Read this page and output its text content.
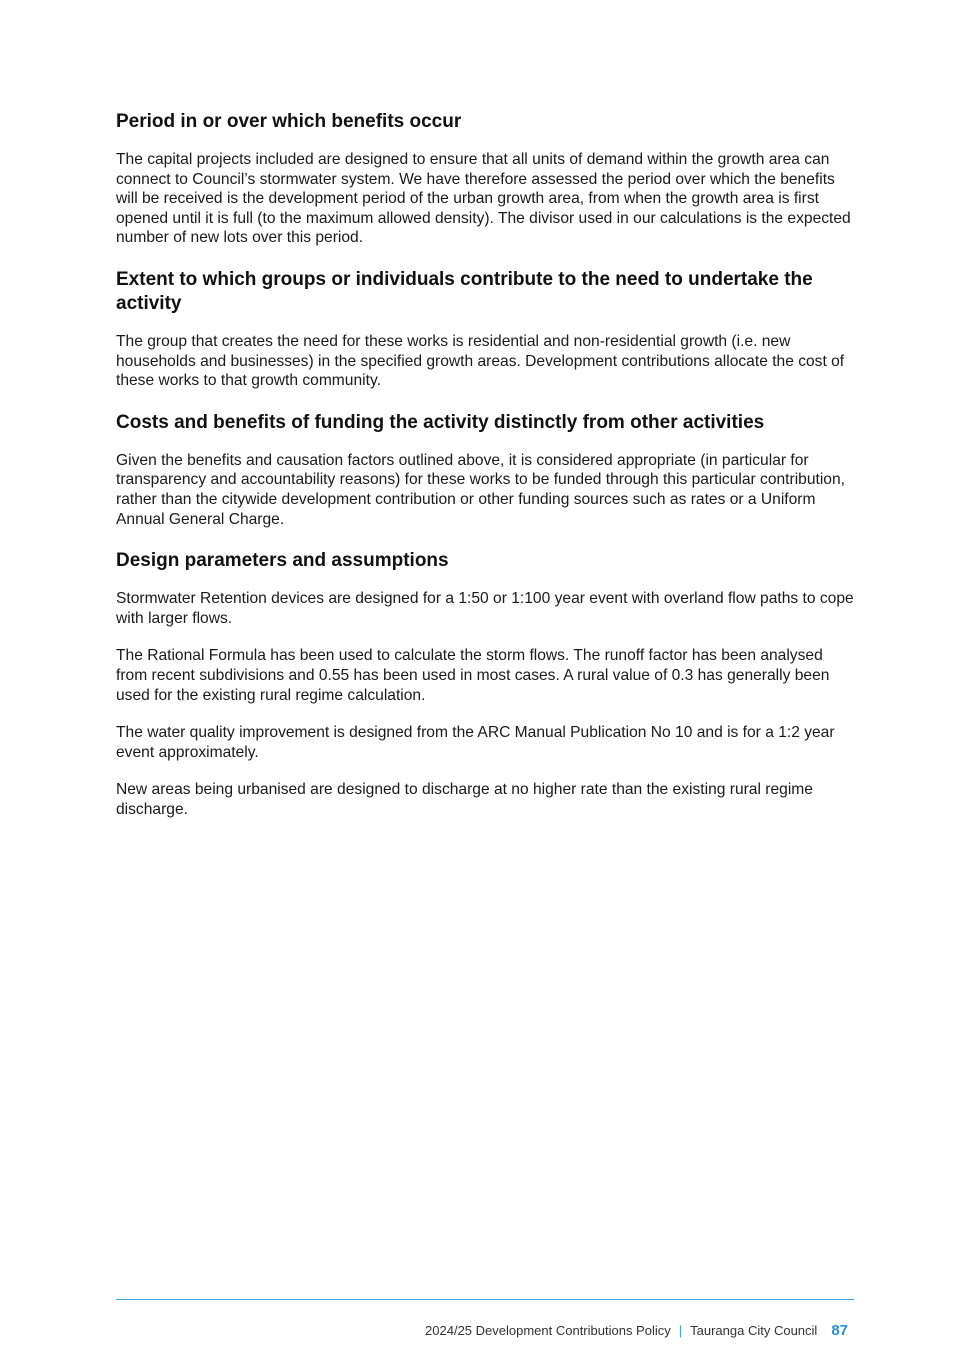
Period in or over which benefits occur

The capital projects included are designed to ensure that all units of demand within the growth area can connect to Council’s stormwater system. We have therefore assessed the period over which the benefits will be received is the development period of the urban growth area, from when the growth area is first opened until it is full (to the maximum allowed density). The divisor used in our calculations is the expected number of new lots over this period.

Extent to which groups or individuals contribute to the need to undertake the activity

The group that creates the need for these works is residential and non-residential growth (i.e. new households and businesses) in the specified growth areas. Development contributions allocate the cost of these works to that growth community.

Costs and benefits of funding the activity distinctly from other activities

Given the benefits and causation factors outlined above, it is considered appropriate (in particular for transparency and accountability reasons) for these works to be funded through this particular contribution, rather than the citywide development contribution or other funding sources such as rates or a Uniform Annual General Charge.

Design parameters and assumptions

Stormwater Retention devices are designed for a 1:50 or 1:100 year event with overland flow paths to cope with larger flows.

The Rational Formula has been used to calculate the storm flows. The runoff factor has been analysed from recent subdivisions and 0.55 has been used in most cases. A rural value of 0.3 has generally been used for the existing rural regime calculation.

The water quality improvement is designed from the ARC Manual Publication No 10 and is for a 1:2 year event approximately.

New areas being urbanised are designed to discharge at no higher rate than the existing rural regime discharge.

2024/25 Development Contributions Policy | Tauranga City Council 87
